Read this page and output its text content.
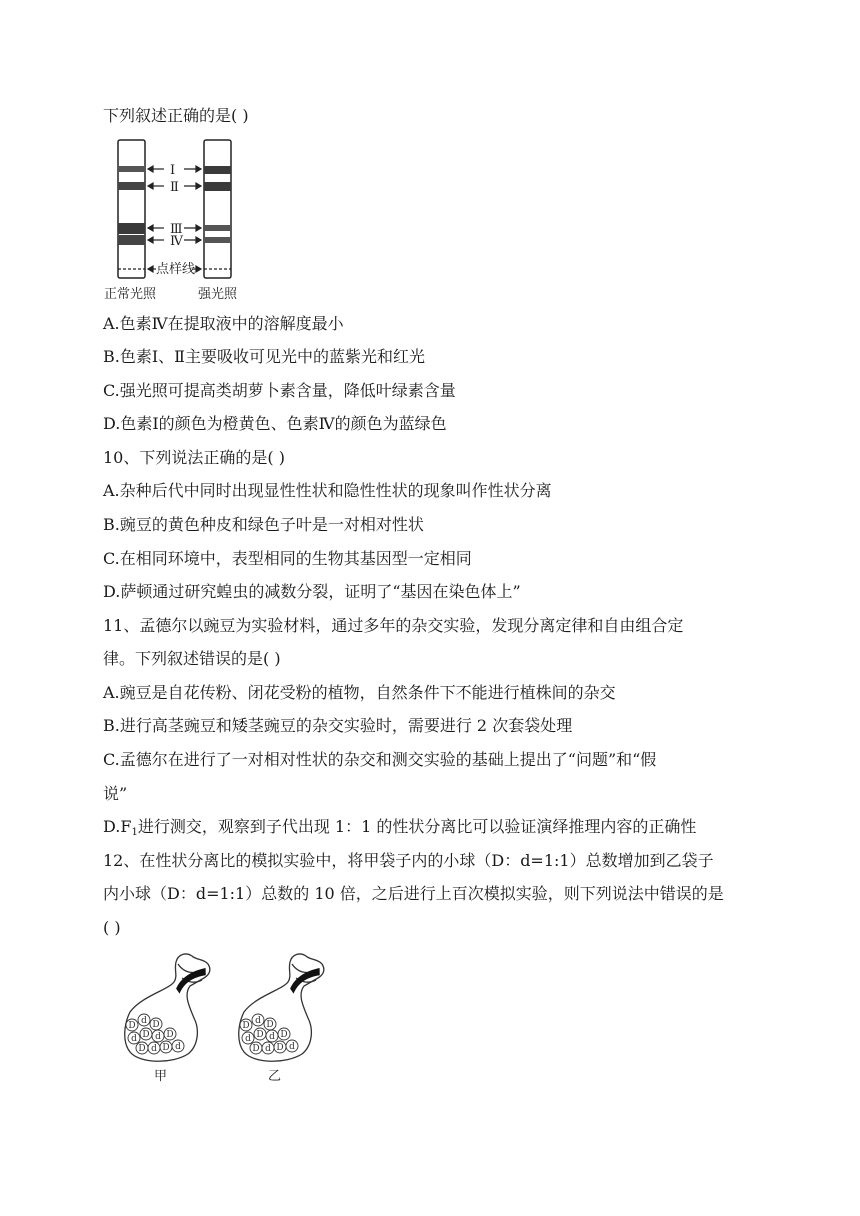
下列叙述正确的是( )
Ⅰ
Ⅱ
Ⅲ
Ⅳ
点样线
正常光照	强光照
A.色素Ⅳ在提取液中的溶解度最小
B.色素Ⅰ、Ⅱ主要吸收可见光中的蓝紫光和红光
C.强光照可提高类胡萝卜素含量，降低叶绿素含量
D.色素Ⅰ的颜色为橙黄色、色素Ⅳ的颜色为蓝绿色
10、下列说法正确的是( )
A.杂种后代中同时出现显性性状和隐性性状的现象叫作性状分离
B.豌豆的黄色种皮和绿色子叶是一对相对性状
C.在相同环境中，表型相同的生物其基因型一定相同
D.萨顿通过研究蝗虫的减数分裂，证明了“基因在染色体上”
11、孟德尔以豌豆为实验材料，通过多年的杂交实验，发现分离定律和自由组合定
律。下列叙述错误的是( )
A.豌豆是自花传粉、闭花受粉的植物，自然条件下不能进行植株间的杂交
B.进行高茎豌豆和矮茎豌豆的杂交实验时，需要进行 2 次套袋处理
C.孟德尔在进行了一对相对性状的杂交和测交实验的基础上提出了“问题”和“假
说”
$D.F_1$进行测交，观察到子代出现 1：1 的性状分离比可以验证演绎推理内容的正确性
12、在性状分离比的模拟实验中，将甲袋子内的小球（D：d=1:1）总数增加到乙袋子
内小球（D：d=1:1）总数的 10 倍，之后进行上百次模拟实验，则下列说法中错误的是
( )
D d D
d D d D
D d D d
D d D
d D d D
D d D d
甲	乙
